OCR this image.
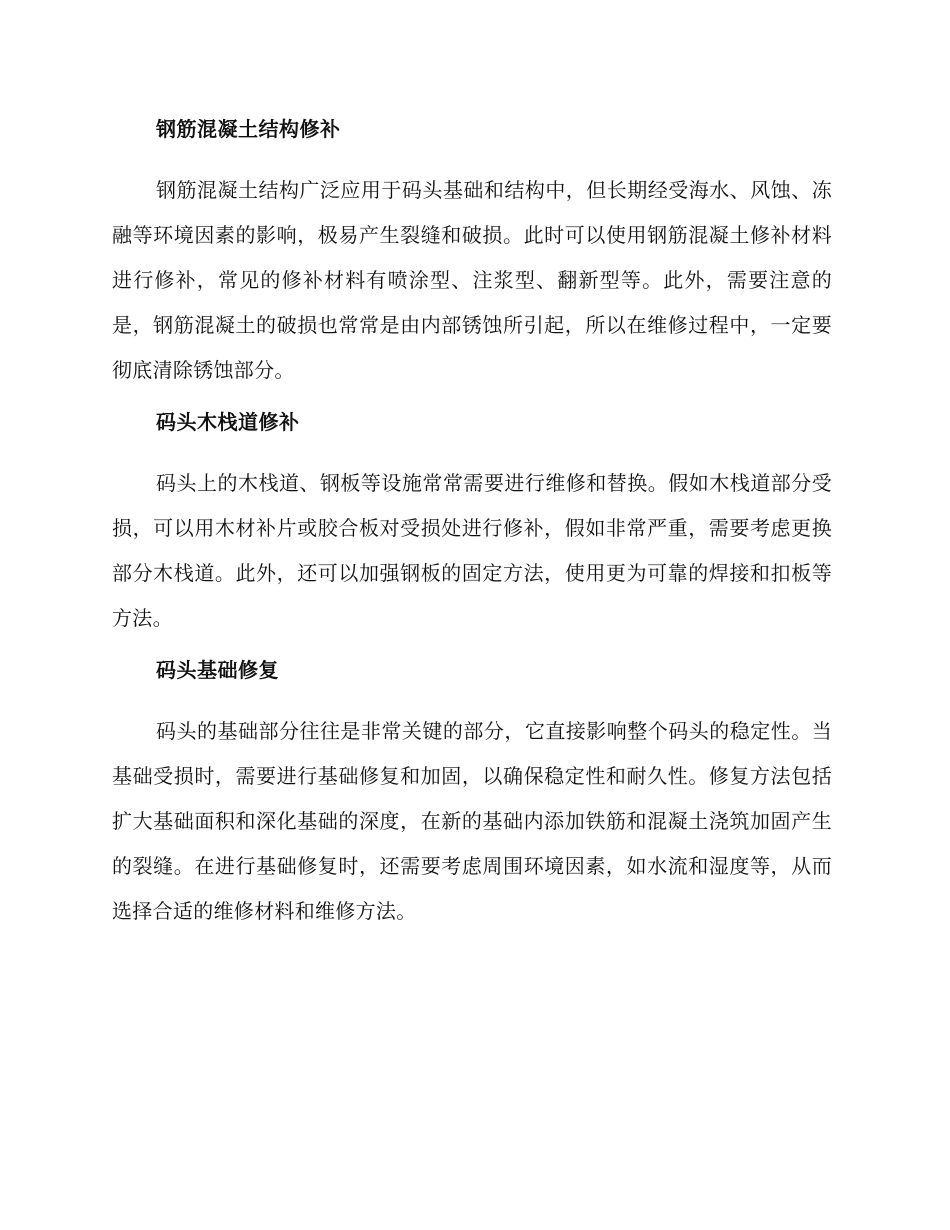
钢筋混凝土结构修补

钢筋混凝土结构广泛应用于码头基础和结构中，但长期经受海水、风蚀、冻融等环境因素的影响，极易产生裂缝和破损。此时可以使用钢筋混凝土修补材料进行修补，常见的修补材料有喷涂型、注浆型、翻新型等。此外，需要注意的是，钢筋混凝土的破损也常常是由内部锈蚀所引起，所以在维修过程中，一定要彻底清除锈蚀部分。

码头木栈道修补

码头上的木栈道、钢板等设施常常需要进行维修和替换。假如木栈道部分受损，可以用木材补片或胶合板对受损处进行修补，假如非常严重，需要考虑更换部分木栈道。此外，还可以加强钢板的固定方法，使用更为可靠的焊接和扣板等方法。

码头基础修复

码头的基础部分往往是非常关键的部分，它直接影响整个码头的稳定性。当基础受损时，需要进行基础修复和加固，以确保稳定性和耐久性。修复方法包括扩大基础面积和深化基础的深度，在新的基础内添加铁筋和混凝土浇筑加固产生的裂缝。在进行基础修复时，还需要考虑周围环境因素，如水流和湿度等，从而选择合适的维修材料和维修方法。
